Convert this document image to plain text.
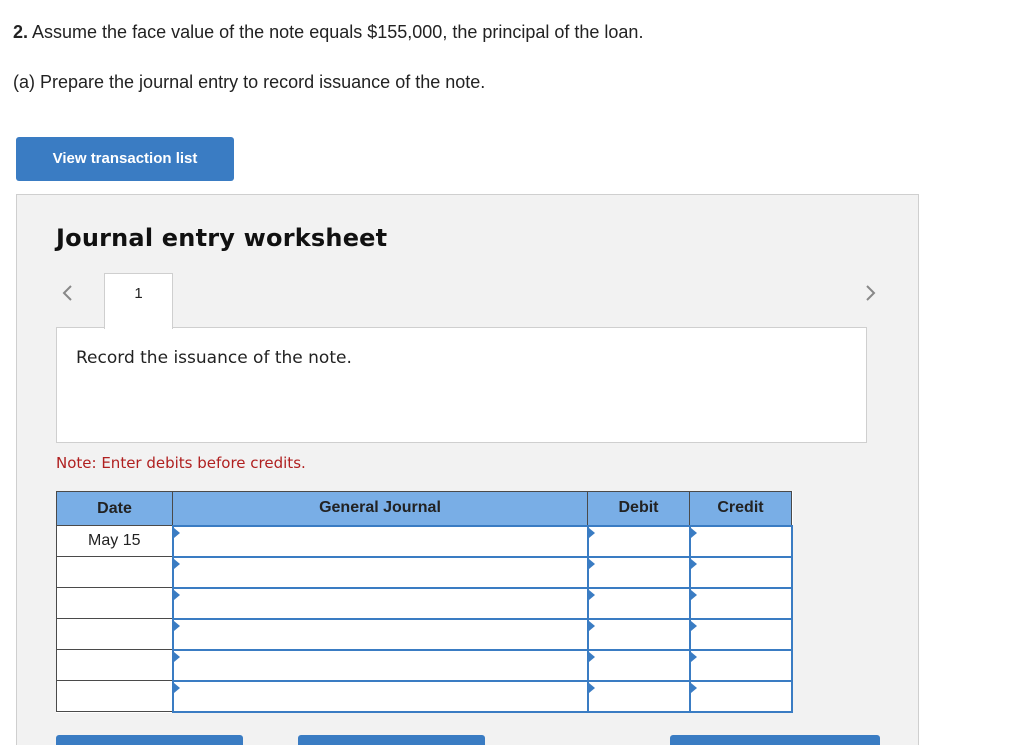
2. Assume the face value of the note equals $155,000, the principal of the loan.
(a) Prepare the journal entry to record issuance of the note.
View transaction list
Journal entry worksheet
1
Record the issuance of the note.
Note: Enter debits before credits.
Date	General Journal	Debit	Credit
May 15	
